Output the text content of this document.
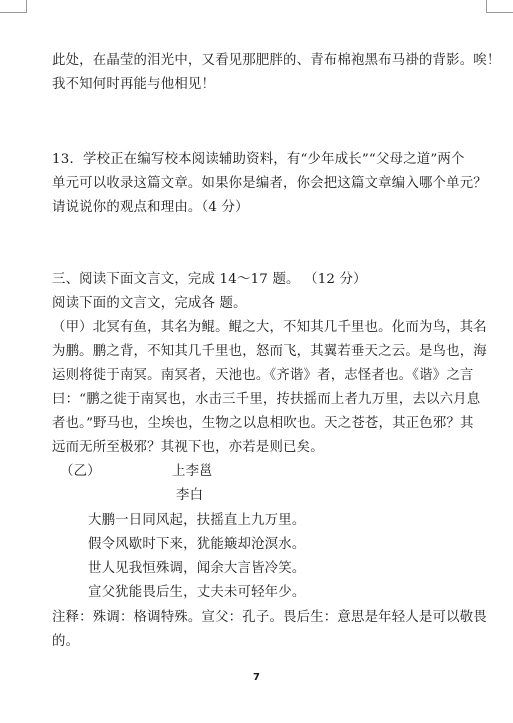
此处，在晶莹的泪光中，又看见那肥胖的、青布棉袍黑布马褂的背影。唉！
我不知何时再能与他相见！
13．学校正在编写校本阅读辅助资料，有“少年成长”“父母之道”两个
单元可以收录这篇文章。如果你是编者，你会把这篇文章编入哪个单元？
请说说你的观点和理由。（4 分）
三、阅读下面文言文，完成 14～17 题。 （12 分）
阅读下面的文言文，完成各 题。
（甲）北冥有鱼，其名为鲲。鲲之大，不知其几千里也。化而为鸟，其名
为鹏。鹏之背，不知其几千里也，怒而飞，其翼若垂天之云。是鸟也，海
运则将徙于南冥。南冥者，天池也。《齐谐》者，志怪者也。《谐》之言
曰：“鹏之徙于南冥也，水击三千里，抟扶摇而上者九万里，去以六月息
者也。”野马也，尘埃也，生物之以息相吹也。天之苍苍，其正色邪？其
远而无所至极邪？其视下也，亦若是则已矣。
（乙）	上李邕
李白
大鹏一日同风起，扶摇直上九万里。
假令风歇时下来，犹能簸却沧溟水。
世人见我恒殊调，闻余大言皆冷笑。
宣父犹能畏后生，丈夫未可轻年少。
注释：殊调：格调特殊。宣父：孔子。畏后生：意思是年轻人是可以敬畏
的。
7
